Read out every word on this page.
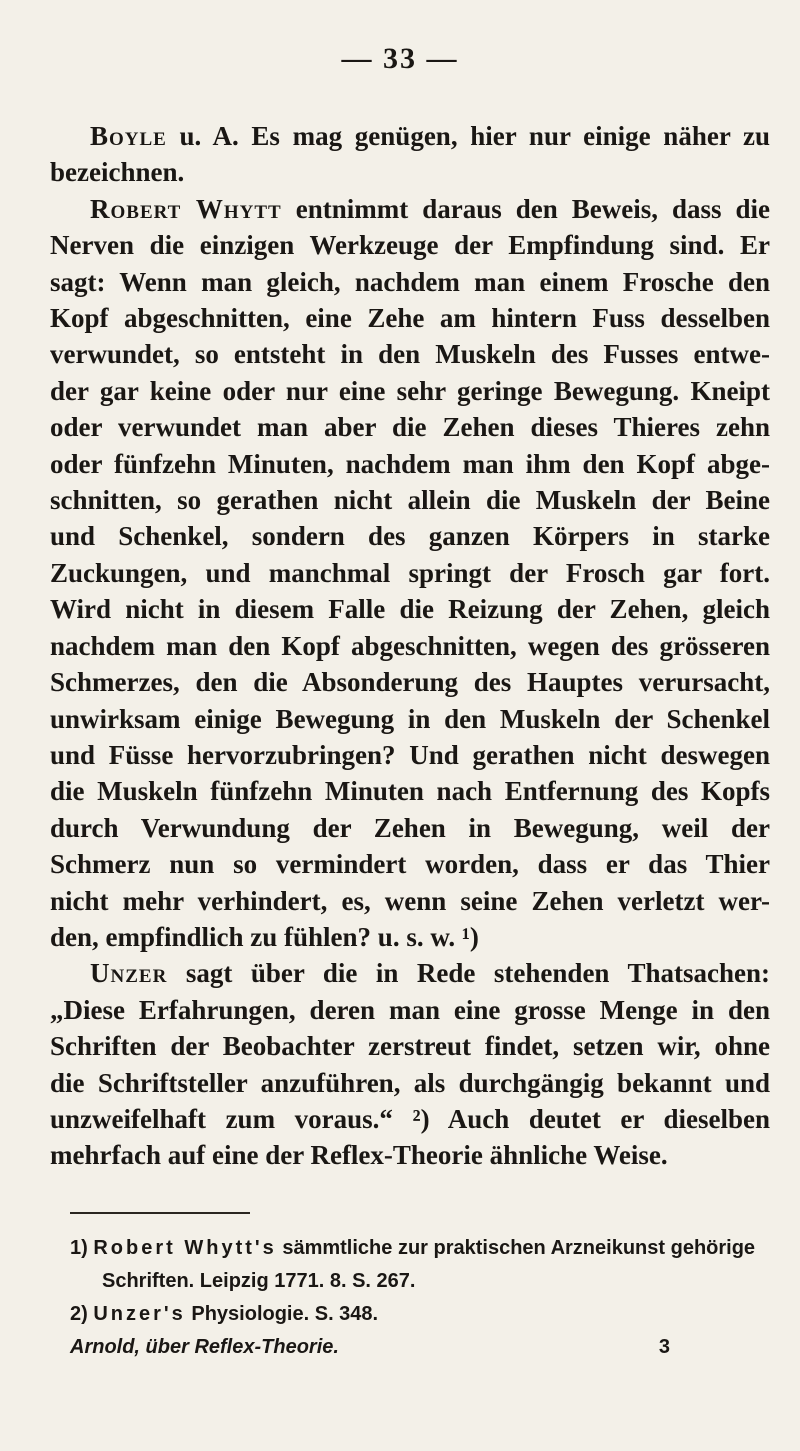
— 33 —
Boyle u. A. Es mag genügen, hier nur einige näher zu
bezeichnen.
Robert Whytt entnimmt daraus den Beweis, dass die
Nerven die einzigen Werkzeuge der Empfindung sind. Er
sagt: Wenn man gleich, nachdem man einem Frosche den
Kopf abgeschnitten, eine Zehe am hintern Fuss desselben
verwundet, so entsteht in den Muskeln des Fusses entwe-
der gar keine oder nur eine sehr geringe Bewegung. Kneipt
oder verwundet man aber die Zehen dieses Thieres zehn
oder fünfzehn Minuten, nachdem man ihm den Kopf abge-
schnitten, so gerathen nicht allein die Muskeln der Beine
und Schenkel, sondern des ganzen Körpers in starke
Zuckungen, und manchmal springt der Frosch gar fort.
Wird nicht in diesem Falle die Reizung der Zehen, gleich
nachdem man den Kopf abgeschnitten, wegen des grösseren
Schmerzes, den die Absonderung des Hauptes verursacht,
unwirksam einige Bewegung in den Muskeln der Schenkel
und Füsse hervorzubringen? Und gerathen nicht deswegen
die Muskeln fünfzehn Minuten nach Entfernung des Kopfs
durch Verwundung der Zehen in Bewegung, weil der
Schmerz nun so vermindert worden, dass er das Thier
nicht mehr verhindert, es, wenn seine Zehen verletzt wer-
den, empfindlich zu fühlen? u. s. w. ¹)
Unzer sagt über die in Rede stehenden Thatsachen:
„Diese Erfahrungen, deren man eine grosse Menge in den
Schriften der Beobachter zerstreut findet, setzen wir, ohne
die Schriftsteller anzuführen, als durchgängig bekannt und
unzweifelhaft zum voraus.“ ²) Auch deutet er dieselben
mehrfach auf eine der Reflex-Theorie ähnliche Weise.
1) Robert Whytt's sämmtliche zur praktischen Arzneikunst gehörige
Schriften. Leipzig 1771. 8. S. 267.
2) Unzer's Physiologie. S. 348.
Arnold, über Reflex-Theorie.	3
